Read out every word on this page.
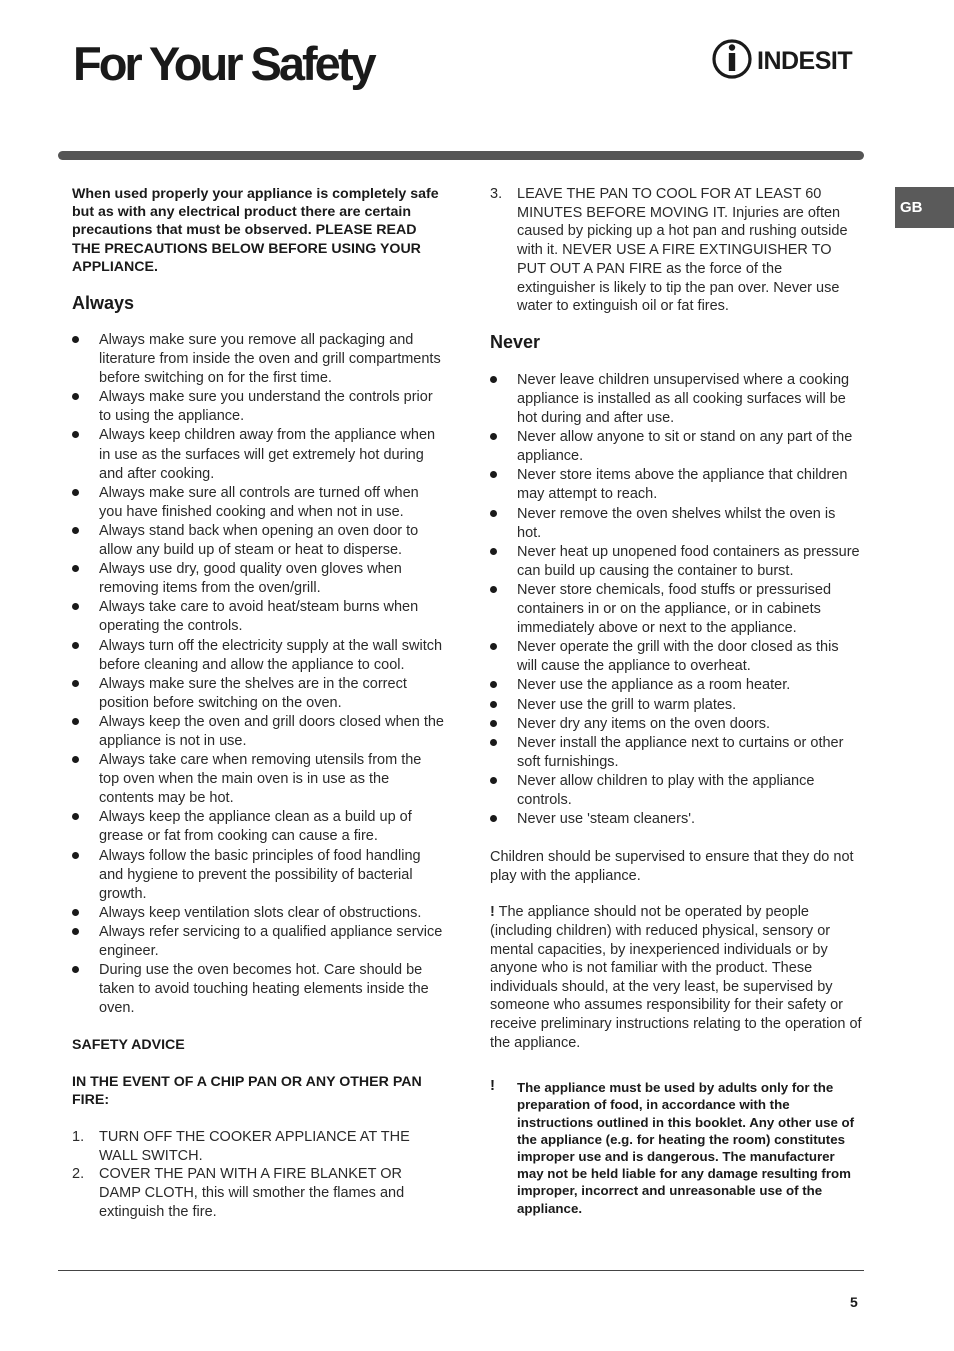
For Your Safety	INDESIT
GB

When used properly your appliance is completely safe but as with any electrical product there are certain precautions that must be observed. PLEASE READ THE PRECAUTIONS BELOW BEFORE USING YOUR APPLIANCE.

Always
Always make sure you remove all packaging and literature from inside the oven and grill compartments before switching on for the first time.
Always make sure you understand the controls prior to using the appliance.
Always keep children away from the appliance when in use as the surfaces will get extremely hot during and after cooking.
Always make sure all controls are turned off when you have finished cooking and when not in use.
Always stand back when opening an oven door to allow any build up of steam or heat to disperse.
Always use dry, good quality oven gloves when removing items from the oven/grill.
Always take care to avoid heat/steam burns when operating the controls.
Always turn off the electricity supply at the wall switch before cleaning and allow the appliance to cool.
Always make sure the shelves are in the correct position before switching on the oven.
Always keep the oven and grill doors closed when the appliance is not in use.
Always take care when removing utensils from the top oven when the main oven is in use as the contents may be hot.
Always keep the appliance clean as a build up of grease or fat from cooking can cause a fire.
Always follow the basic principles of food handling and hygiene to prevent the possibility of bacterial growth.
Always keep ventilation slots clear of obstructions.
Always refer servicing to a qualified appliance service engineer.
During use the oven becomes hot. Care should be taken to avoid touching heating elements inside the oven.

SAFETY ADVICE

IN THE EVENT OF A CHIP PAN OR ANY OTHER PAN FIRE:

1. TURN OFF THE COOKER APPLIANCE AT THE WALL SWITCH.
2. COVER THE PAN WITH A FIRE BLANKET OR DAMP CLOTH, this will smother the flames and extinguish the fire.
3. LEAVE THE PAN TO COOL FOR AT LEAST 60 MINUTES BEFORE MOVING IT. Injuries are often caused by picking up a hot pan and rushing outside with it. NEVER USE A FIRE EXTINGUISHER TO PUT OUT A PAN FIRE as the force of the extinguisher is likely to tip the pan over. Never use water to extinguish oil or fat fires.
Never
Never leave children unsupervised where a cooking appliance is installed as all cooking surfaces will be hot during and after use.
Never allow anyone to sit or stand on any part of the appliance.
Never store items above the appliance that children may attempt to reach.
Never remove the oven shelves whilst the oven is hot.
Never heat up unopened food containers as pressure can build up causing the container to burst.
Never store chemicals, food stuffs or pressurised containers in or on the appliance, or in cabinets immediately above or next to the appliance.
Never operate the grill with the door closed as this will cause the appliance to overheat.
Never use the appliance as a room heater.
Never use the grill to warm plates.
Never dry any items on the oven doors.
Never install the appliance next to curtains or other soft furnishings.
Never allow children to play with the appliance controls.
Never use 'steam cleaners'.

Children should be supervised to ensure that they do not play with the appliance.

! The appliance should not be operated by people (including children) with reduced physical, sensory or mental capacities, by inexperienced individuals or by anyone who is not familiar with the product. These individuals should, at the very least, be supervised by someone who assumes responsibility for their safety or receive preliminary instructions relating to the operation of the appliance.

! The appliance must be used by adults only for the preparation of food, in accordance with the instructions outlined in this booklet. Any other use of the appliance (e.g. for heating the room) constitutes improper use and is dangerous. The manufacturer may not be held liable for any damage resulting from improper, incorrect and unreasonable use of the appliance.

5
